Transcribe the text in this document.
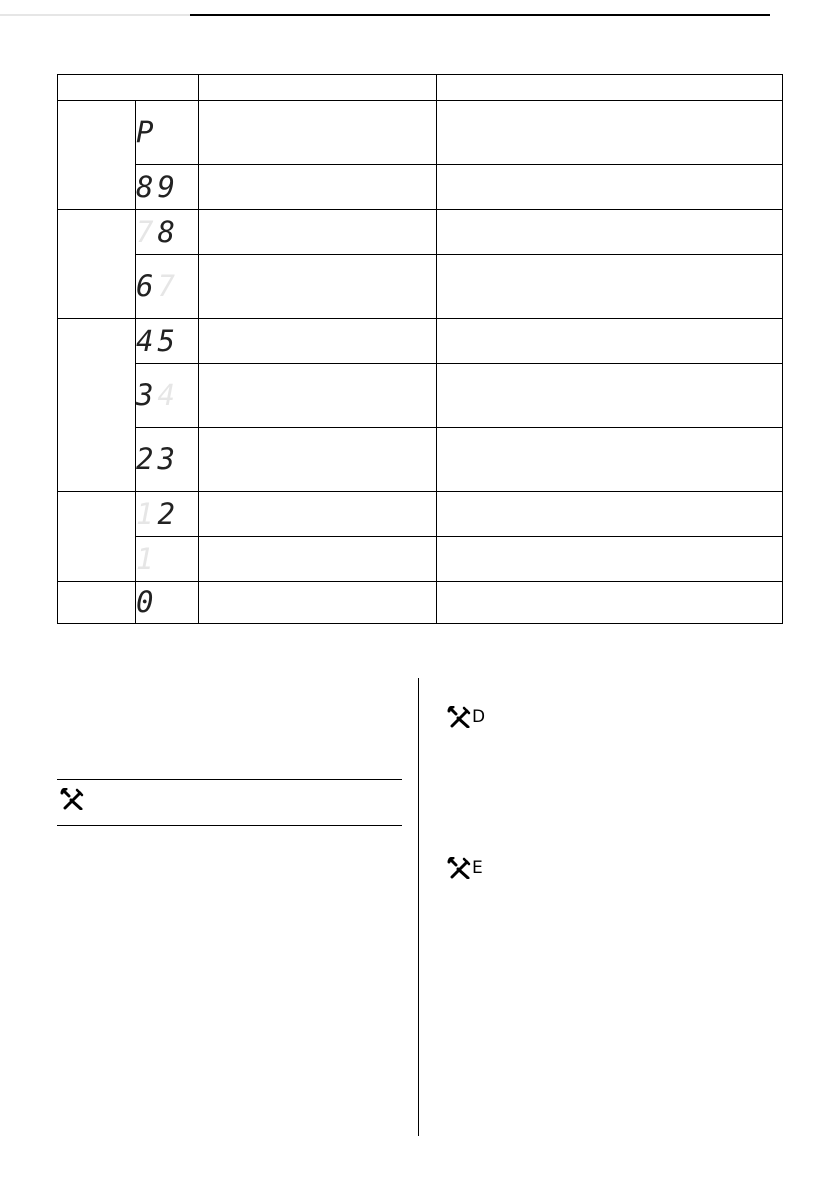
	P		
	89		
	78		
	67		
	45		
	34		
	23		
	12		
	1		
	0		
D
E
